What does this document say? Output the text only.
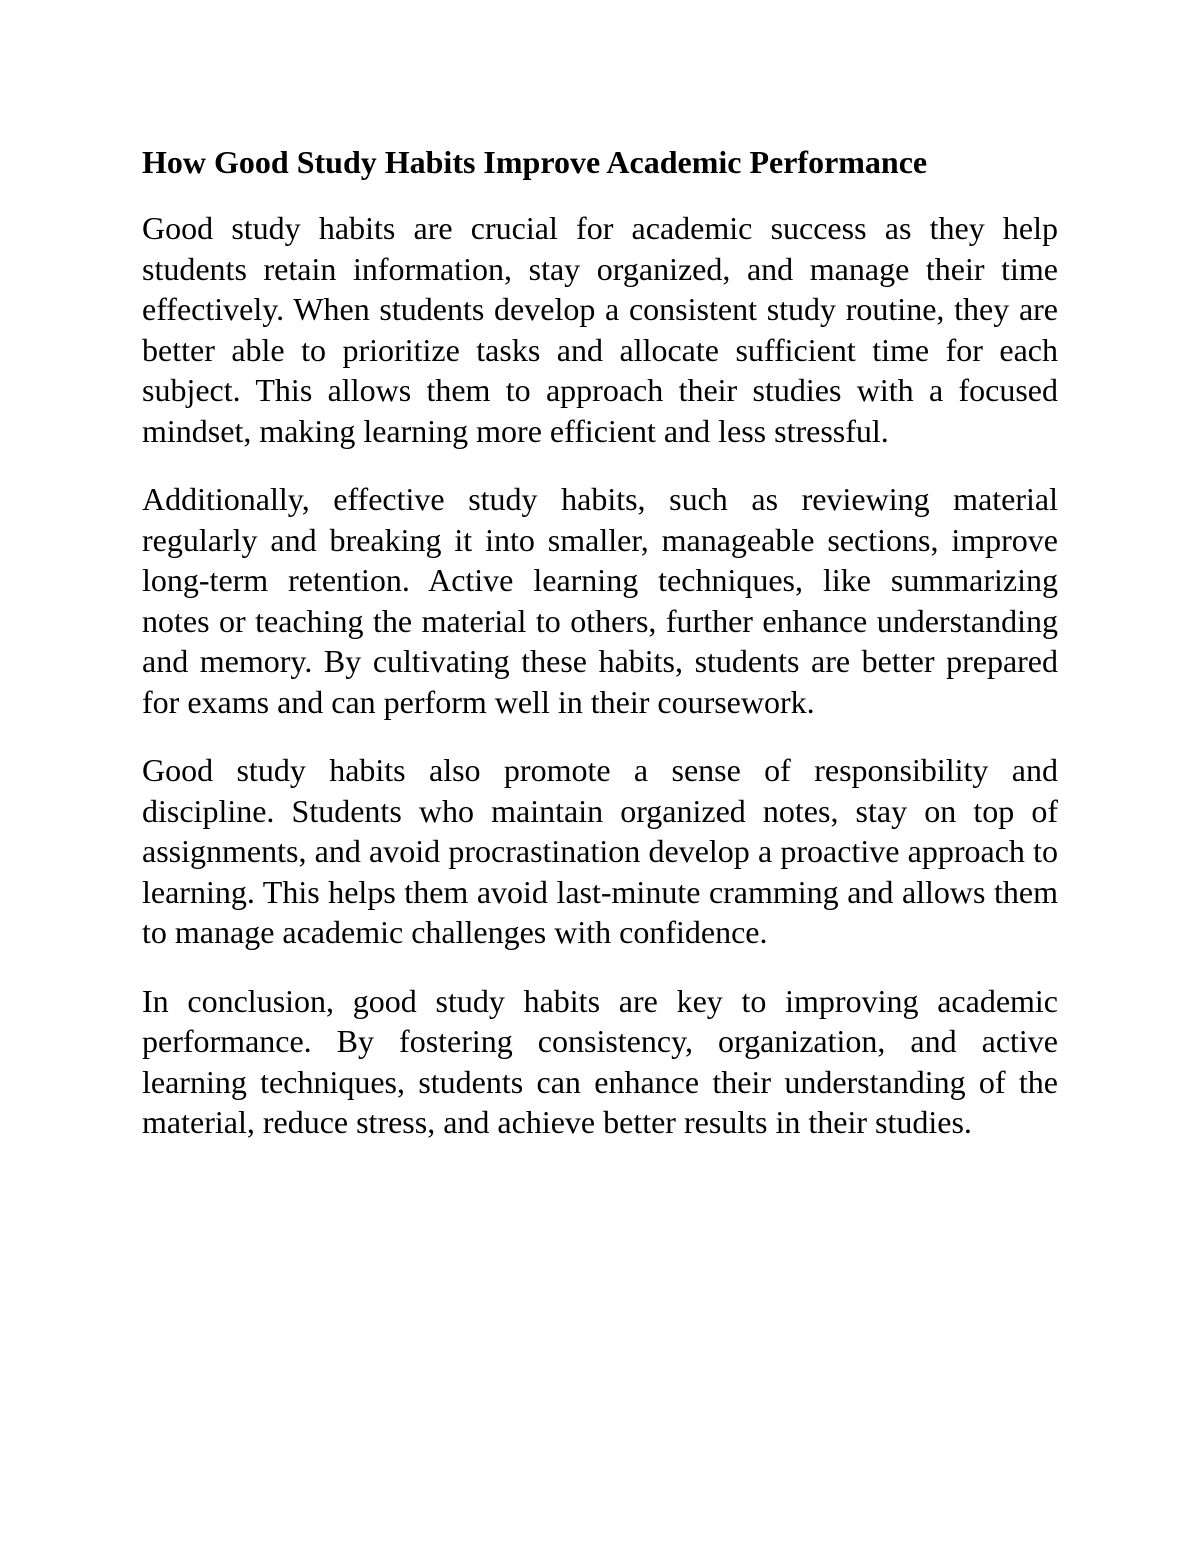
How Good Study Habits Improve Academic Performance

Good study habits are crucial for academic success as they help students retain information, stay organized, and manage their time effectively. When students develop a consistent study routine, they are better able to prioritize tasks and allocate sufficient time for each subject. This allows them to approach their studies with a focused mindset, making learning more efficient and less stressful.

Additionally, effective study habits, such as reviewing material regularly and breaking it into smaller, manageable sections, improve long-term retention. Active learning techniques, like summarizing notes or teaching the material to others, further enhance understanding and memory. By cultivating these habits, students are better prepared for exams and can perform well in their coursework.

Good study habits also promote a sense of responsibility and discipline. Students who maintain organized notes, stay on top of assignments, and avoid procrastination develop a proactive approach to learning. This helps them avoid last-minute cramming and allows them to manage academic challenges with confidence.

In conclusion, good study habits are key to improving academic performance. By fostering consistency, organization, and active learning techniques, students can enhance their understanding of the material, reduce stress, and achieve better results in their studies.
